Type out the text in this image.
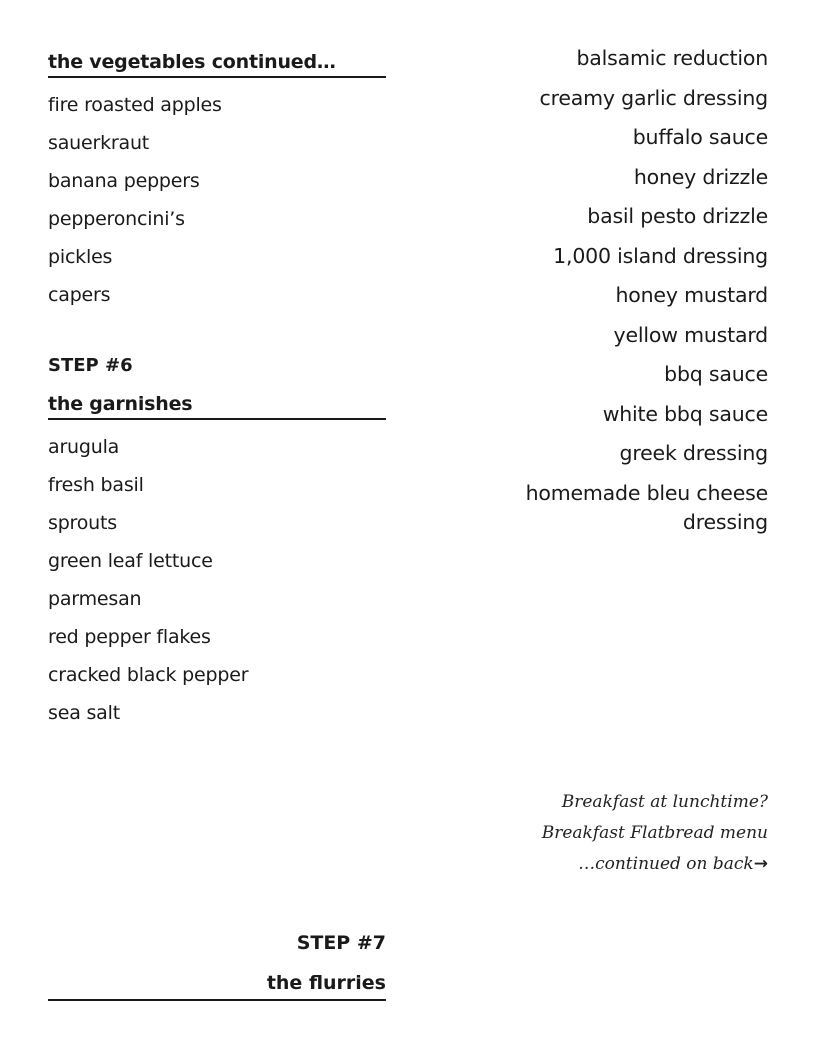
the vegetables continued…
fire roasted apples
sauerkraut
banana peppers
pepperoncini’s
pickles
capers
STEP #6
the garnishes
arugula
fresh basil
sprouts
green leaf lettuce
parmesan
red pepper flakes
cracked black pepper
sea salt
balsamic reduction
creamy garlic dressing
buffalo sauce
honey drizzle
basil pesto drizzle
1,000 island dressing
honey mustard
yellow mustard
bbq sauce
white bbq sauce
greek dressing
homemade bleu cheese dressing
Breakfast at lunchtime?
Breakfast Flatbread menu
…continued on back→
STEP #7
the flurries
